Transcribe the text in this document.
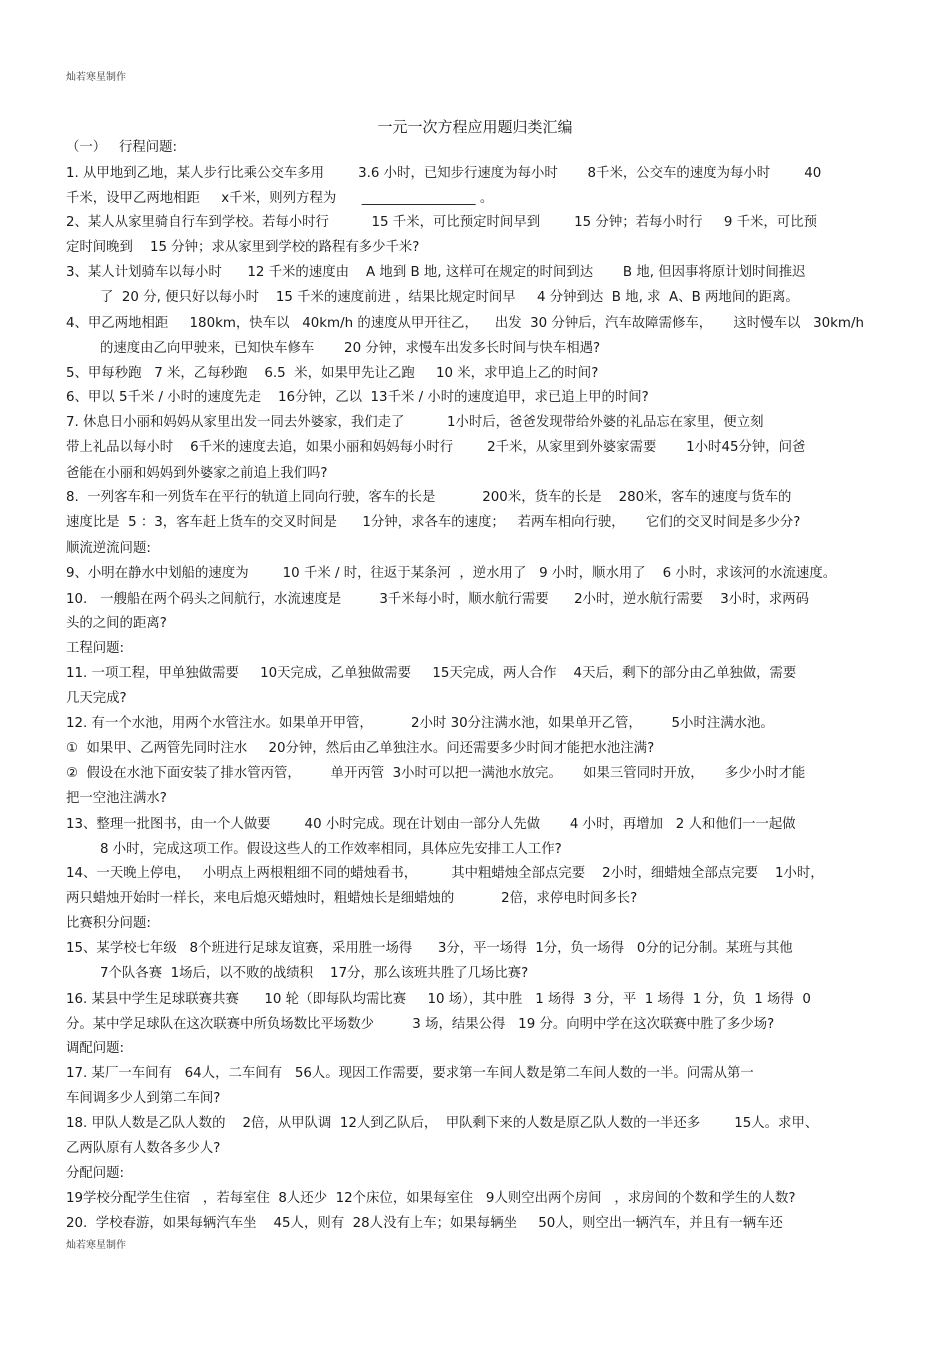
灿若寒星制作
一元一次方程应用题归类汇编
（一）   行程问题:
1. 从甲地到乙地，某人步行比乘公交车多用        3.6 小时，已知步行速度为每小时       8千米，公交车的速度为每小时        40
千米，设甲乙两地相距     x千米，则列方程为      _________________ 。
2、某人从家里骑自行车到学校。若每小时行          15 千米，可比预定时间早到        15 分钟；若每小时行     9 千米，可比预
定时间晚到    15 分钟；求从家里到学校的路程有多少千米?
3、某人计划骑车以每小时      12 千米的速度由    A 地到 B 地, 这样可在规定的时间到达       B 地, 但因事将原计划时间推迟
了  20 分, 便只好以每小时    15 千米的速度前进 ，结果比规定时间早     4 分钟到达  B 地, 求  A、B 两地间的距离。
4、甲乙两地相距     180km，快车以   40km/h 的速度从甲开往乙，    出发  30 分钟后，汽车故障需修车，     这时慢车以   30km/h
的速度由乙向甲驶来，已知快车修车       20 分钟，求慢车出发多长时间与快车相遇?
5、甲每秒跑   7 米，乙每秒跑    6.5  米，如果甲先让乙跑     10 米，求甲追上乙的时间?
6、甲以 5千米 / 小时的速度先走    16分钟，乙以  13千米 / 小时的速度追甲，求已追上甲的时间?
7. 休息日小丽和妈妈从家里出发一同去外婆家，我们走了          1小时后，爸爸发现带给外婆的礼品忘在家里，便立刻
带上礼品以每小时    6千米的速度去追，如果小丽和妈妈每小时行        2千米，从家里到外婆家需要       1小时45分钟，问爸
爸能在小丽和妈妈到外婆家之前追上我们吗?
8.  一列客车和一列货车在平行的轨道上同向行驶，客车的长是           200米，货车的长是    280米，客车的速度与货车的
速度比是  5 ：3，客车赶上货车的交叉时间是      1分钟，求各车的速度；   若两车相向行驶，     它们的交叉时间是多少分?
顺流逆流问题:
9、小明在静水中划船的速度为        10 千米 / 时，往返于某条河  ，逆水用了   9 小时，顺水用了    6 小时，求该河的水流速度。
10.   一艘船在两个码头之间航行，水流速度是         3千米每小时，顺水航行需要      2小时，逆水航行需要    3小时，求两码
头的之间的距离?
工程问题:
11. 一项工程，甲单独做需要     10天完成，乙单独做需要     15天完成，两人合作    4天后，剩下的部分由乙单独做，需要
几天完成?
12. 有一个水池，用两个水管注水。如果单开甲管，         2小时 30分注满水池，如果单开乙管，       5小时注满水池。
①  如果甲、乙两管先同时注水     20分钟，然后由乙单独注水。问还需要多少时间才能把水池注满?
②  假设在水池下面安装了排水管丙管，       单开丙管  3小时可以把一满池水放完。     如果三管同时开放，     多少小时才能
把一空池注满水?
13、整理一批图书，由一个人做要        40 小时完成。现在计划由一部分人先做       4 小时，再增加   2 人和他们一一起做
8 小时，完成这项工作。假设这些人的工作效率相同，具体应先安排工人工作?
14、一天晚上停电，   小明点上两根粗细不同的蜡烛看书，        其中粗蜡烛全部点完要    2小时，细蜡烛全部点完要    1小时，
两只蜡烛开始时一样长，来电后熄灭蜡烛时，粗蜡烛长是细蜡烛的           2倍，求停电时间多长?
比赛积分问题:
15、某学校七年级   8个班进行足球友谊赛，采用胜一场得      3分，平一场得  1分，负一场得   0分的记分制。某班与其他
7个队各赛  1场后，以不败的战绩积    17分，那么该班共胜了几场比赛?
16. 某县中学生足球联赛共赛      10 轮（即每队均需比赛     10 场），其中胜   1 场得  3 分，平  1 场得  1 分，负  1 场得  0
分。某中学足球队在这次联赛中所负场数比平场数少         3 场，结果公得   19 分。向明中学在这次联赛中胜了多少场?
调配问题:
17. 某厂一车间有   64人，二车间有   56人。现因工作需要，要求第一车间人数是第二车间人数的一半。问需从第一
车间调多少人到第二车间?
18. 甲队人数是乙队人数的    2倍，从甲队调  12人到乙队后，  甲队剩下来的人数是原乙队人数的一半还多        15人。求甲、
乙两队原有人数各多少人?
分配问题:
19学校分配学生住宿   ，若每室住  8人还少  12个床位，如果每室住   9人则空出两个房间   ，求房间的个数和学生的人数?
20.  学校春游，如果每辆汽车坐    45人，则有  28人没有上车；如果每辆坐     50人，则空出一辆汽车，并且有一辆车还
灿若寒星制作
